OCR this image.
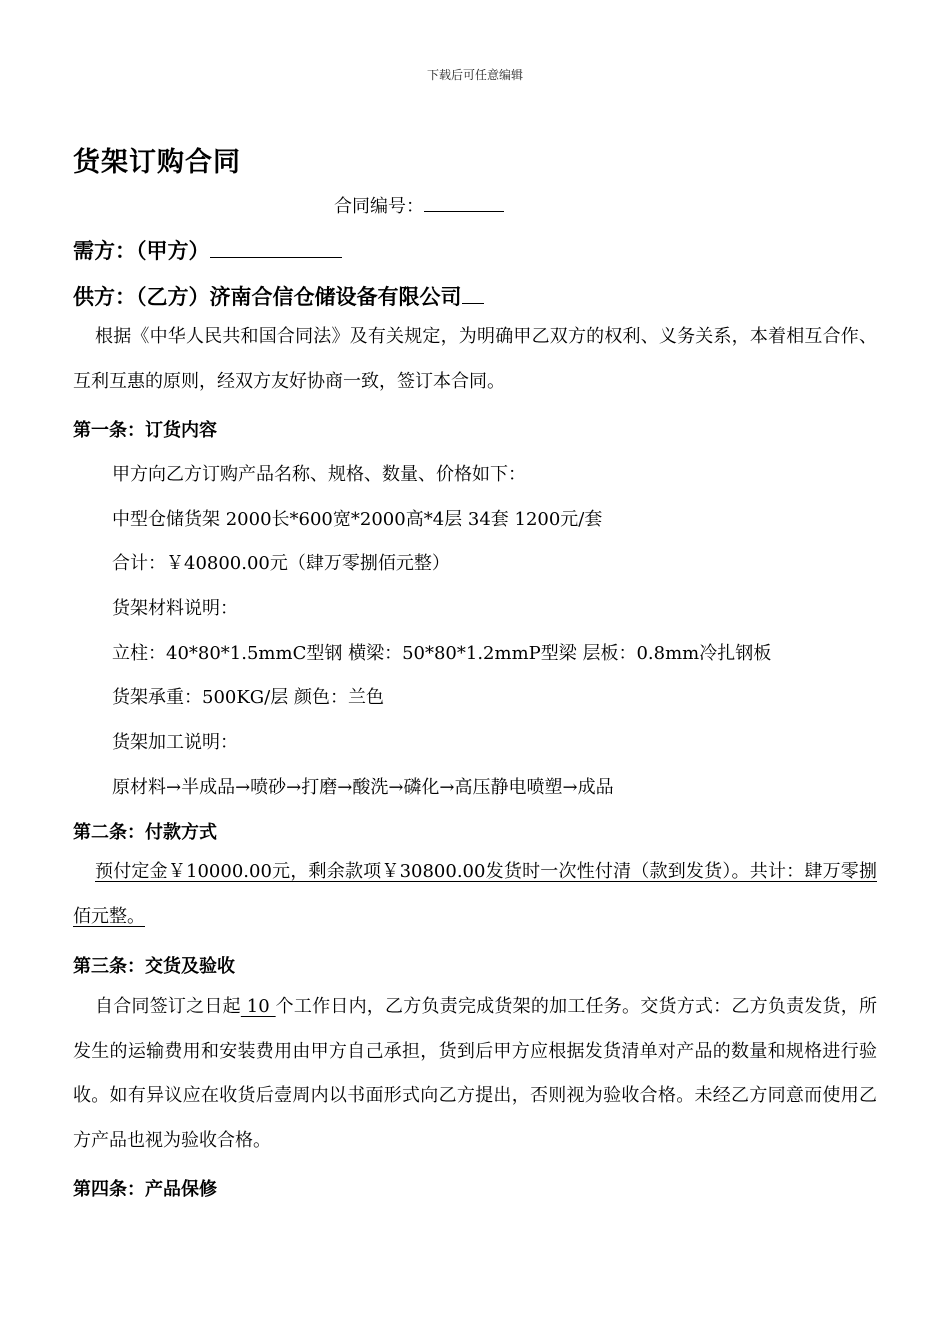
下载后可任意编辑
货架订购合同
合同编号：
需方：（甲方）
供方：（乙方）济南合信仓储设备有限公司
根据《中华人民共和国合同法》及有关规定，为明确甲乙双方的权利、义务关系，本着相互合作、互利互惠的原则，经双方友好协商一致，签订本合同。
第一条：订货内容
甲方向乙方订购产品名称、规格、数量、价格如下：
中型仓储货架 2000长*600宽*2000高*4层 34套 1200元/套
合计：￥40800.00元（肆万零捌佰元整）
货架材料说明：
立柱：40*80*1.5mmC型钢 横梁：50*80*1.2mmP型梁 层板：0.8mm冷扎钢板
货架承重：500KG/层 颜色：兰色
货架加工说明：
原材料→半成品→喷砂→打磨→酸洗→磷化→高压静电喷塑→成品
第二条：付款方式
预付定金￥10000.00元，剩余款项￥30800.00发货时一次性付清（款到发货）。共计：肆万零捌佰元整。
第三条：交货及验收
自合同签订之日起 10 个工作日内，乙方负责完成货架的加工任务。交货方式：乙方负责发货，所发生的运输费用和安装费用由甲方自己承担，货到后甲方应根据发货清单对产品的数量和规格进行验收。如有异议应在收货后壹周内以书面形式向乙方提出，否则视为验收合格。未经乙方同意而使用乙方产品也视为验收合格。
第四条：产品保修
